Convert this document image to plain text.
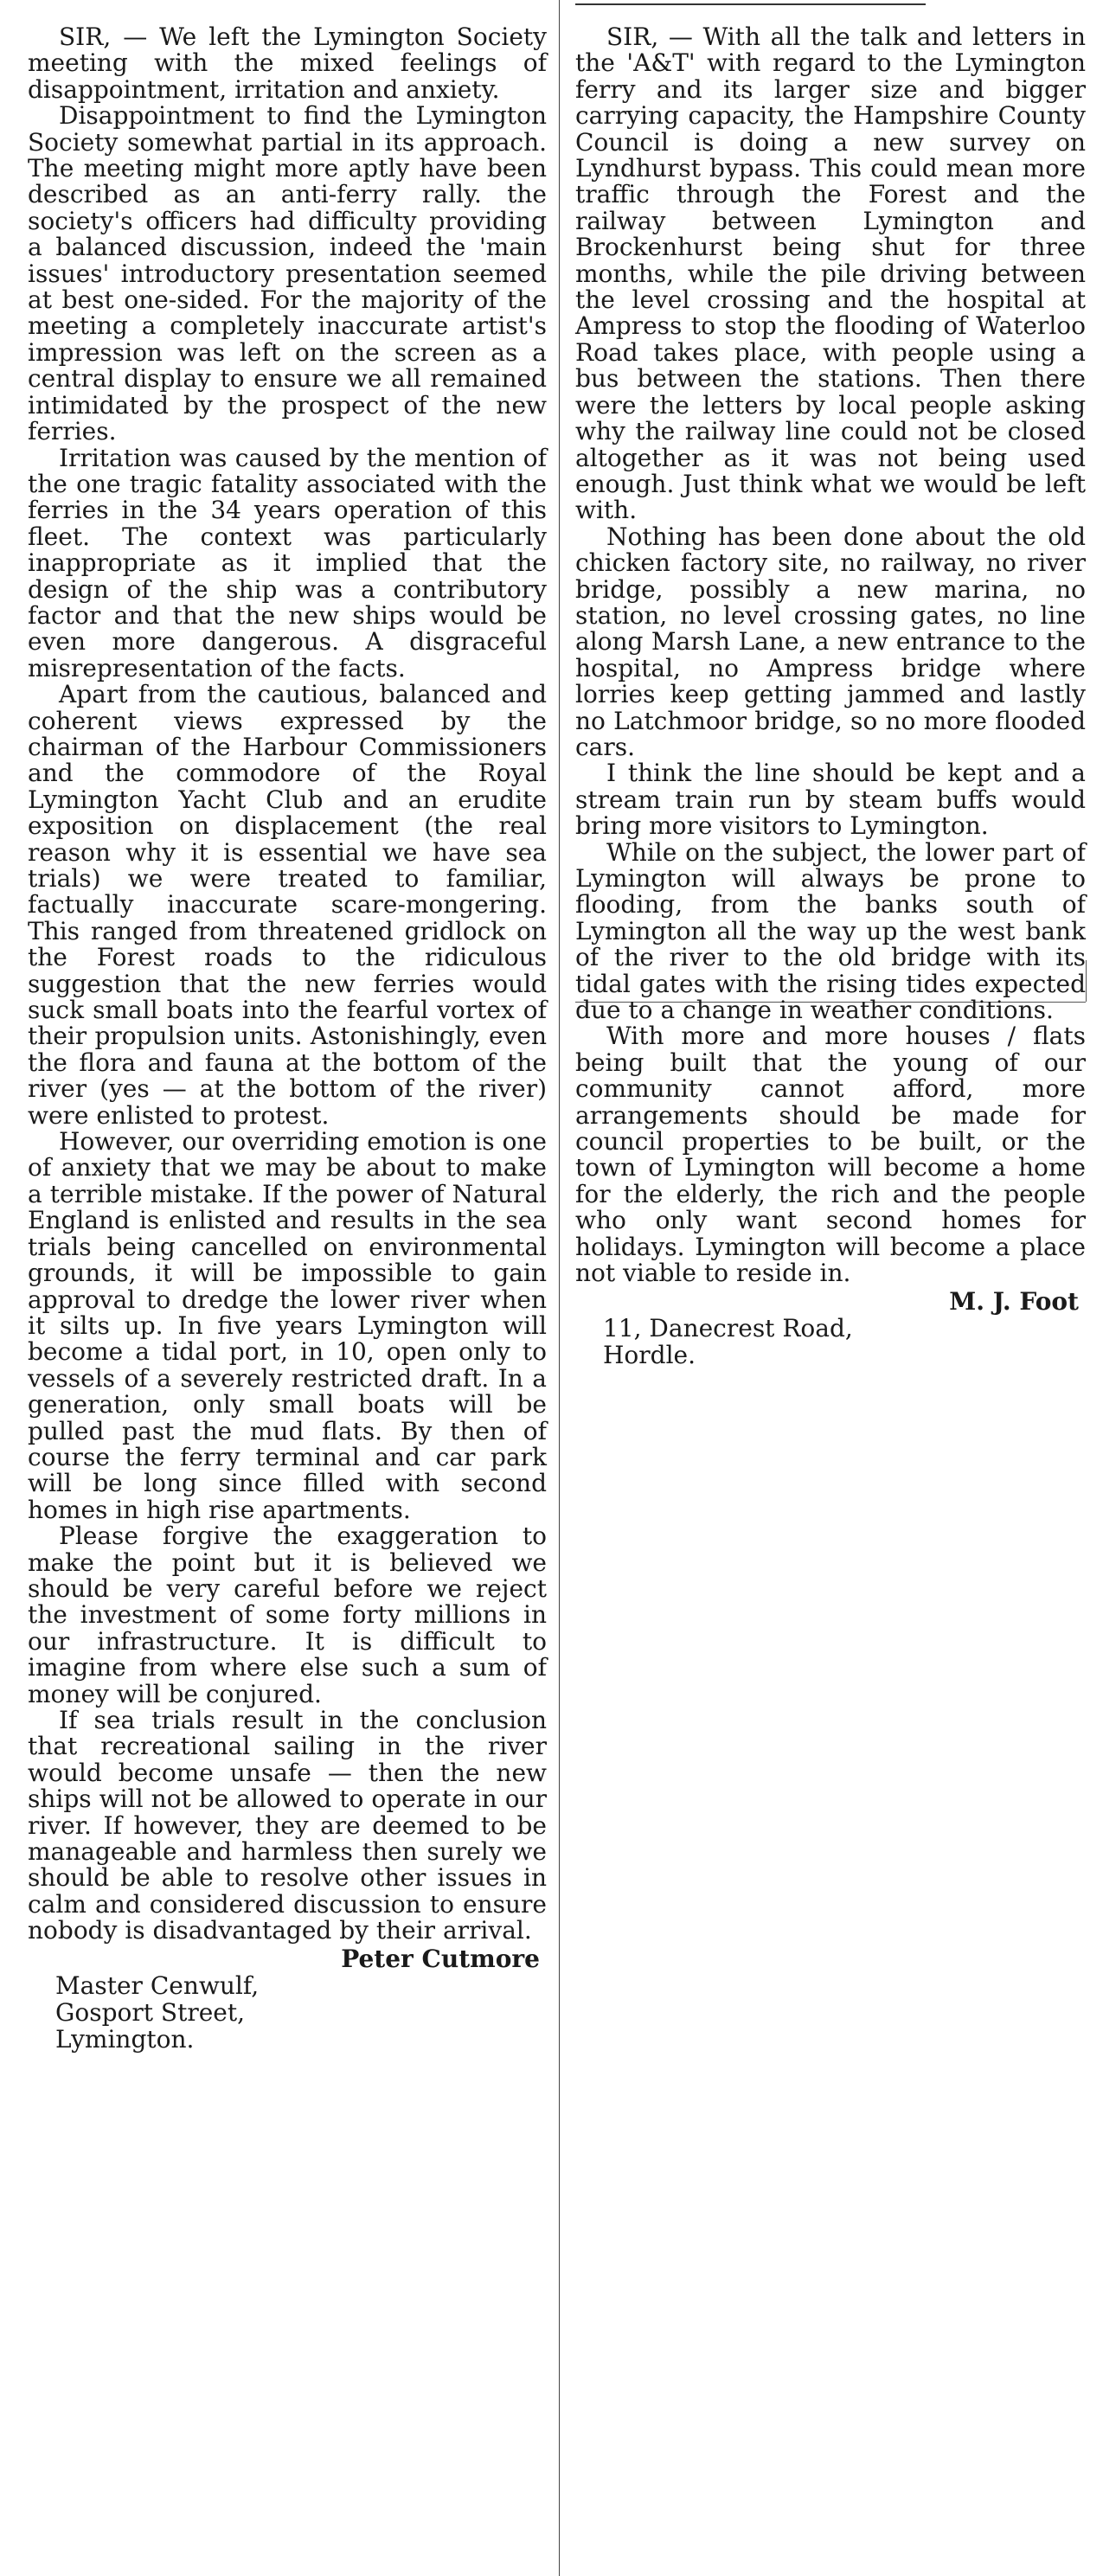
SIR, — We left the Lymington Society meeting with the mixed feelings of disappointment, irritation and anxiety.

Disappointment to find the Lymington Society somewhat partial in its approach. The meeting might more aptly have been described as an anti-ferry rally. the society's officers had difficulty providing a balanced discussion, indeed the 'main issues' introductory presentation seemed at best one-sided. For the majority of the meeting a completely inaccurate artist's impression was left on the screen as a central display to ensure we all remained intimidated by the prospect of the new ferries.

Irritation was caused by the mention of the one tragic fatality associated with the ferries in the 34 years operation of this fleet. The context was particularly inappropriate as it implied that the design of the ship was a contributory factor and that the new ships would be even more dangerous. A disgraceful misrepresentation of the facts.

Apart from the cautious, balanced and coherent views expressed by the chairman of the Harbour Commissioners and the commodore of the Royal Lymington Yacht Club and an erudite exposition on displacement (the real reason why it is essential we have sea trials) we were treated to familiar, factually inaccurate scare-mongering. This ranged from threatened gridlock on the Forest roads to the ridiculous suggestion that the new ferries would suck small boats into the fearful vortex of their propulsion units. Astonishingly, even the flora and fauna at the bottom of the river (yes — at the bottom of the river) were enlisted to protest.

However, our overriding emotion is one of anxiety that we may be about to make a terrible mistake. If the power of Natural England is enlisted and results in the sea trials being cancelled on environmental grounds, it will be impossible to gain approval to dredge the lower river when it silts up. In five years Lymington will become a tidal port, in 10, open only to vessels of a severely restricted draft. In a generation, only small boats will be pulled past the mud flats. By then of course the ferry terminal and car park will be long since filled with second homes in high rise apartments.

Please forgive the exaggeration to make the point but it is believed we should be very careful before we reject the investment of some forty millions in our infrastructure. It is difficult to imagine from where else such a sum of money will be conjured.

If sea trials result in the conclusion that recreational sailing in the river would become unsafe — then the new ships will not be allowed to operate in our river. If however, they are deemed to be manageable and harmless then surely we should be able to resolve other issues in calm and considered discussion to ensure nobody is disadvantaged by their arrival.

Peter Cutmore
Master Cenwulf,
Gosport Street,
Lymington.

SIR, — With all the talk and letters in the 'A&T' with regard to the Lymington ferry and its larger size and bigger carrying capacity, the Hampshire County Council is doing a new survey on Lyndhurst bypass. This could mean more traffic through the Forest and the railway between Lymington and Brockenhurst being shut for three months, while the pile driving between the level crossing and the hospital at Ampress to stop the flooding of Waterloo Road takes place, with people using a bus between the stations. Then there were the letters by local people asking why the railway line could not be closed altogether as it was not being used enough. Just think what we would be left with.

Nothing has been done about the old chicken factory site, no railway, no river bridge, possibly a new marina, no station, no level crossing gates, no line along Marsh Lane, a new entrance to the hospital, no Ampress bridge where lorries keep getting jammed and lastly no Latchmoor bridge, so no more flooded cars.

I think the line should be kept and a stream train run by steam buffs would bring more visitors to Lymington.

While on the subject, the lower part of Lymington will always be prone to flooding, from the banks south of Lymington all the way up the west bank of the river to the old bridge with its tidal gates with the rising tides expected due to a change in weather conditions.

With more and more houses / flats being built that the young of our community cannot afford, more arrangements should be made for council properties to be built, or the town of Lymington will become a home for the elderly, the rich and the people who only want second homes for holidays. Lymington will become a place not viable to reside in.

M. J. Foot
11, Danecrest Road,
Hordle.
